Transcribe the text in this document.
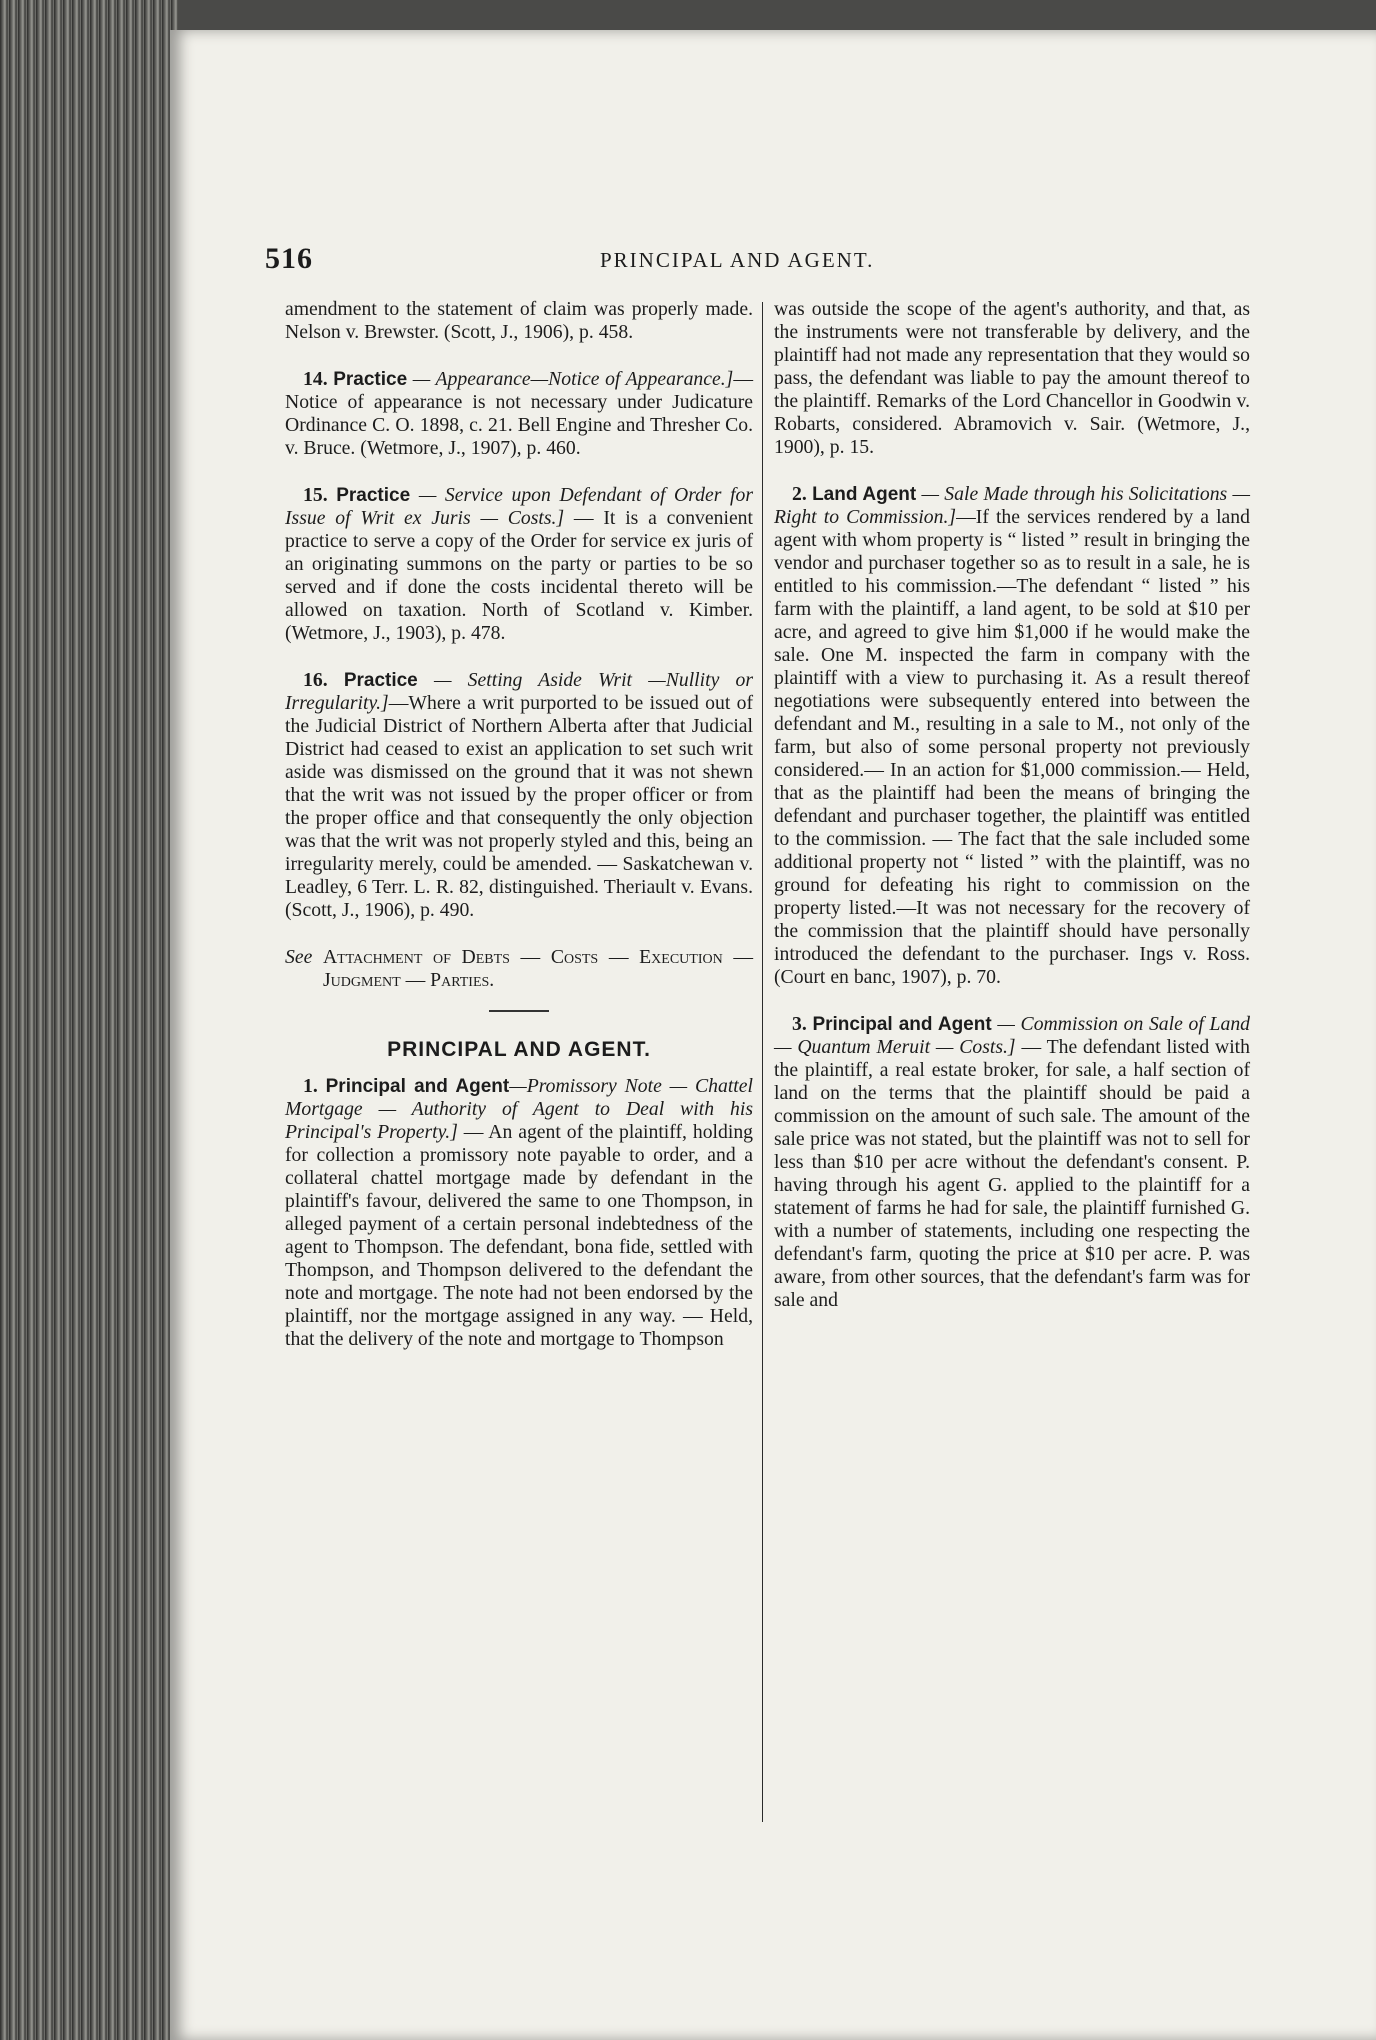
516	PRINCIPAL AND AGENT.

amendment to the statement of claim was properly made. Nelson v. Brewster. (Scott, J., 1906), p. 458.

14. Practice — Appearance—Notice of Appearance.]—Notice of appearance is not necessary under Judicature Ordinance C. O. 1898, c. 21. Bell Engine and Thresher Co. v. Bruce. (Wetmore, J., 1907), p. 460.

15. Practice — Service upon Defendant of Order for Issue of Writ ex Juris — Costs.] — It is a convenient practice to serve a copy of the Order for service ex juris of an originating summons on the party or parties to be so served and if done the costs incidental thereto will be allowed on taxation. North of Scotland v. Kimber. (Wetmore, J., 1903), p. 478.

16. Practice — Setting Aside Writ —Nullity or Irregularity.]—Where a writ purported to be issued out of the Judicial District of Northern Alberta after that Judicial District had ceased to exist an application to set such writ aside was dismissed on the ground that it was not shewn that the writ was not issued by the proper officer or from the proper office and that consequently the only objection was that the writ was not properly styled and this, being an irregularity merely, could be amended. — Saskatchewan v. Leadley, 6 Terr. L. R. 82, distinguished. Theriault v. Evans. (Scott, J., 1906), p. 490.

See Attachment of Debts — Costs — Execution — Judgment — Parties.

PRINCIPAL AND AGENT.

1. Principal and Agent—Promissory Note — Chattel Mortgage — Authority of Agent to Deal with his Principal's Property.] — An agent of the plaintiff, holding for collection a promissory note payable to order, and a collateral chattel mortgage made by defendant in the plaintiff's favour, delivered the same to one Thompson, in alleged payment of a certain personal indebtedness of the agent to Thompson. The defendant, bona fide, settled with Thompson, and Thompson delivered to the defendant the note and mortgage. The note had not been endorsed by the plaintiff, nor the mortgage assigned in any way. — Held, that the delivery of the note and mortgage to Thompson

was outside the scope of the agent's authority, and that, as the instruments were not transferable by delivery, and the plaintiff had not made any representation that they would so pass, the defendant was liable to pay the amount thereof to the plaintiff. Remarks of the Lord Chancellor in Goodwin v. Robarts, considered. Abramovich v. Sair. (Wetmore, J., 1900), p. 15.

2. Land Agent — Sale Made through his Solicitations — Right to Commission.]—If the services rendered by a land agent with whom property is “ listed ” result in bringing the vendor and purchaser together so as to result in a sale, he is entitled to his commission.—The defendant “ listed ” his farm with the plaintiff, a land agent, to be sold at $10 per acre, and agreed to give him $1,000 if he would make the sale. One M. inspected the farm in company with the plaintiff with a view to purchasing it. As a result thereof negotiations were subsequently entered into between the defendant and M., resulting in a sale to M., not only of the farm, but also of some personal property not previously considered.— In an action for $1,000 commission.— Held, that as the plaintiff had been the means of bringing the defendant and purchaser together, the plaintiff was entitled to the commission. — The fact that the sale included some additional property not “ listed ” with the plaintiff, was no ground for defeating his right to commission on the property listed.—It was not necessary for the recovery of the commission that the plaintiff should have personally introduced the defendant to the purchaser. Ings v. Ross. (Court en banc, 1907), p. 70.

3. Principal and Agent — Commission on Sale of Land — Quantum Meruit — Costs.] — The defendant listed with the plaintiff, a real estate broker, for sale, a half section of land on the terms that the plaintiff should be paid a commission on the amount of such sale. The amount of the sale price was not stated, but the plaintiff was not to sell for less than $10 per acre without the defendant's consent. P. having through his agent G. applied to the plaintiff for a statement of farms he had for sale, the plaintiff furnished G. with a number of statements, including one respecting the defendant's farm, quoting the price at $10 per acre. P. was aware, from other sources, that the defendant's farm was for sale and
